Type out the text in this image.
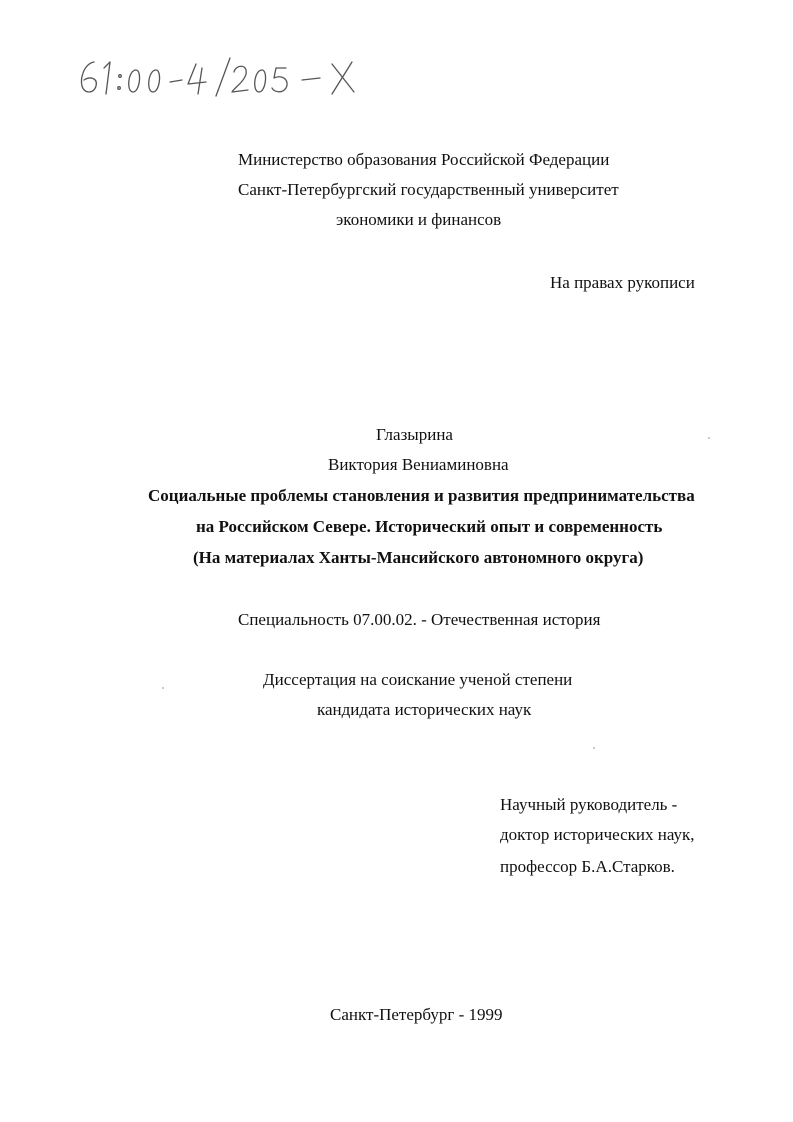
Министерство образования Российской Федерации
Санкт-Петербургский государственный университет
экономики и финансов
На правах рукописи
Глазырина
Виктория Вениаминовна
Социальные проблемы становления и развития предпринимательства
на Российском Севере. Исторический опыт и современность
(На материалах Ханты-Мансийского автономного округа)
Специальность 07.00.02. - Отечественная история
Диссертация на соискание ученой степени
кандидата исторических наук
Научный руководитель -
доктор исторических наук,
профессор Б.А.Старков.
Санкт-Петербург - 1999
